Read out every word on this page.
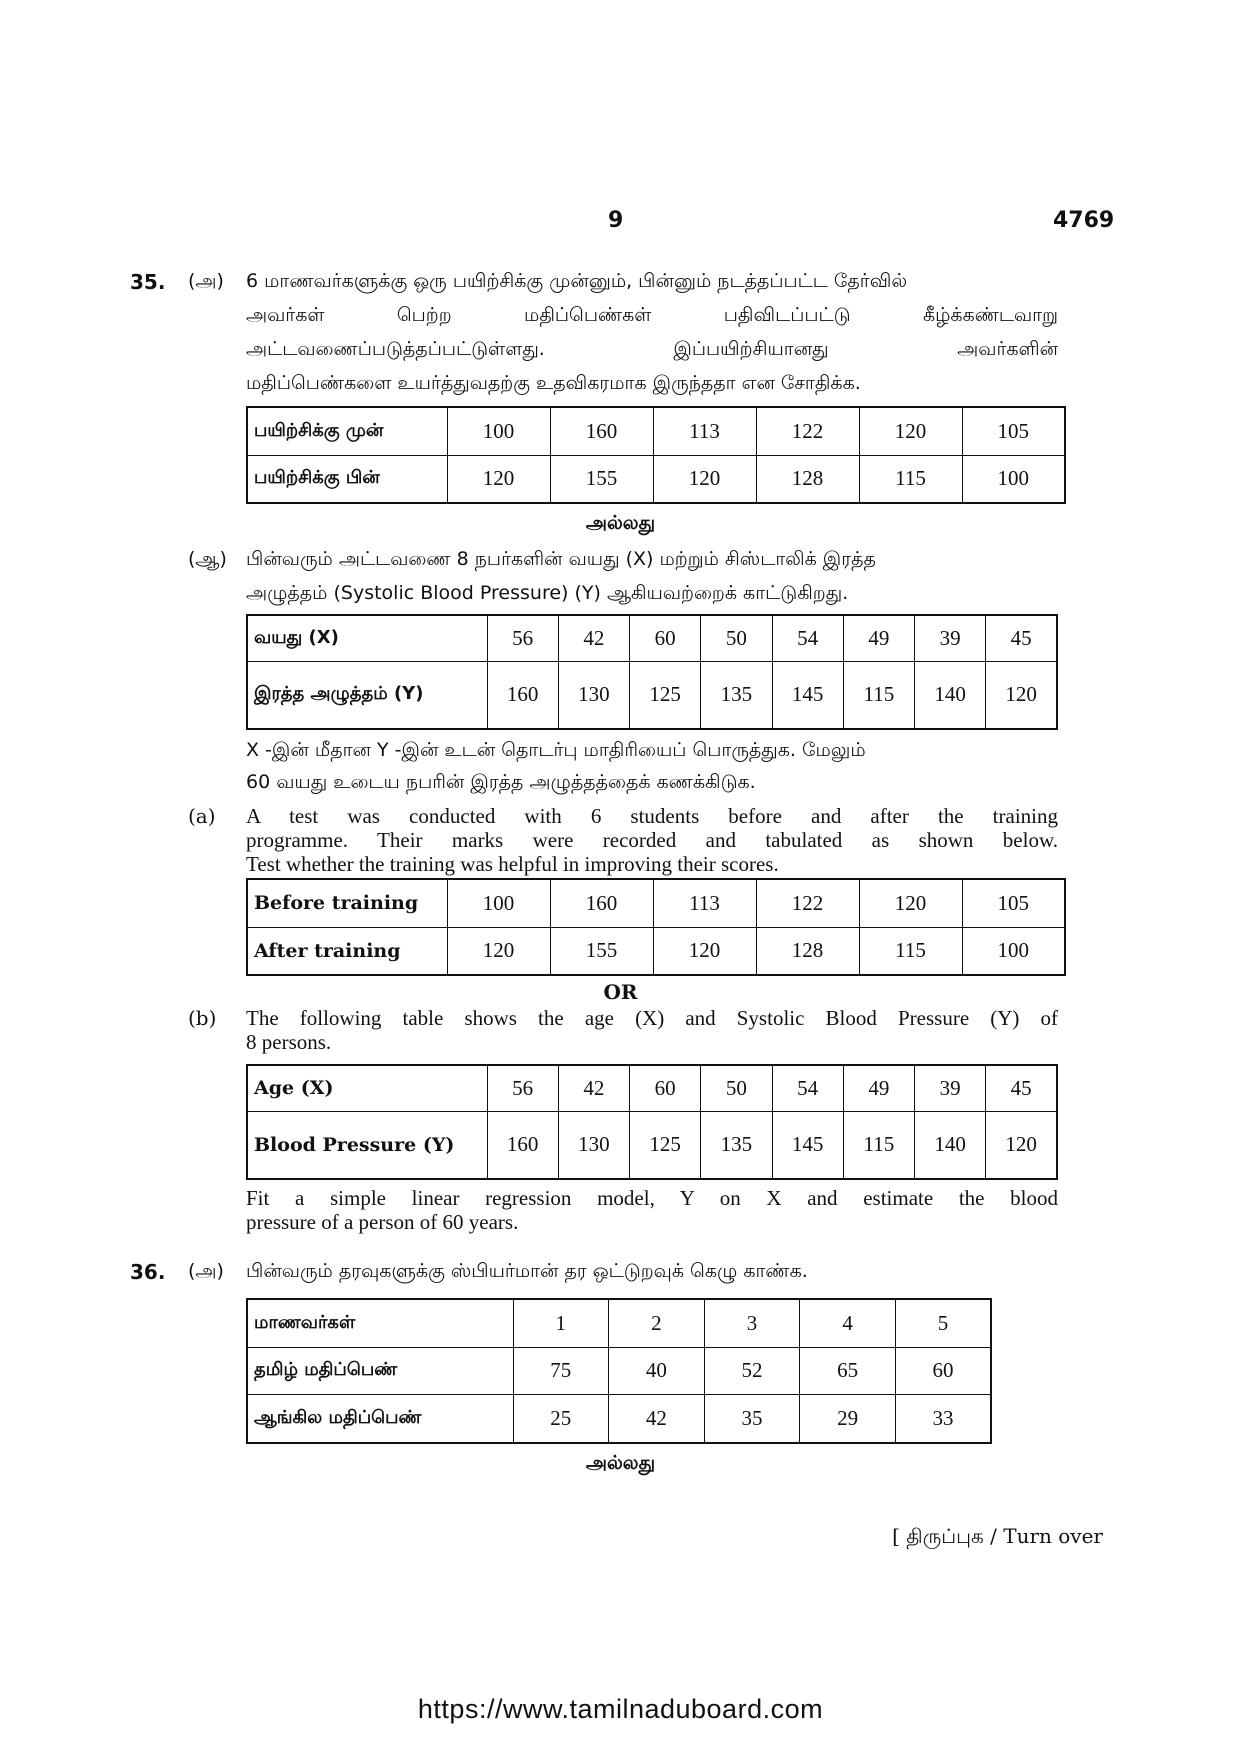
9	4769
35. (அ) 6 மாணவர்களுக்கு ஒரு பயிற்சிக்கு முன்னும், பின்னும் நடத்தப்பட்ட தேர்வில்
அவர்கள் பெற்ற மதிப்பெண்கள் பதிவிடப்பட்டு கீழ்க்கண்டவாறு
அட்டவணைப்படுத்தப்பட்டுள்ளது. இப்பயிற்சியானது அவர்களின்
மதிப்பெண்களை உயர்த்துவதற்கு உதவிகரமாக இருந்ததா என சோதிக்க.
பயிற்சிக்கு முன்	100	160	113	122	120	105
பயிற்சிக்கு பின்	120	155	120	128	115	100
அல்லது
(ஆ) பின்வரும் அட்டவணை 8 நபர்களின் வயது (X) மற்றும் சிஸ்டாலிக் இரத்த
அழுத்தம் (Systolic Blood Pressure) (Y) ஆகியவற்றைக் காட்டுகிறது.
வயது (X)	56	42	60	50	54	49	39	45
இரத்த அழுத்தம் (Y)	160	130	125	135	145	115	140	120
X -இன் மீதான Y -இன் உடன் தொடர்பு மாதிரியைப் பொருத்துக. மேலும்
60 வயது உடைய நபரின் இரத்த அழுத்தத்தைக் கணக்கிடுக.
(a) A test was conducted with 6 students before and after the training
programme. Their marks were recorded and tabulated as shown below.
Test whether the training was helpful in improving their scores.
Before training	100	160	113	122	120	105
After training	120	155	120	128	115	100
OR
(b) The following table shows the age (X) and Systolic Blood Pressure (Y) of
8 persons.
Age (X)	56	42	60	50	54	49	39	45
Blood Pressure (Y)	160	130	125	135	145	115	140	120
Fit a simple linear regression model, Y on X and estimate the blood
pressure of a person of 60 years.
36. (அ) பின்வரும் தரவுகளுக்கு ஸ்பியர்மான் தர ஒட்டுறவுக் கெழு காண்க.
மாணவர்கள்	1	2	3	4	5
தமிழ் மதிப்பெண்	75	40	52	65	60
ஆங்கில மதிப்பெண்	25	42	35	29	33
அல்லது
[ திருப்புக / Turn over
https://www.tamilnaduboard.com
